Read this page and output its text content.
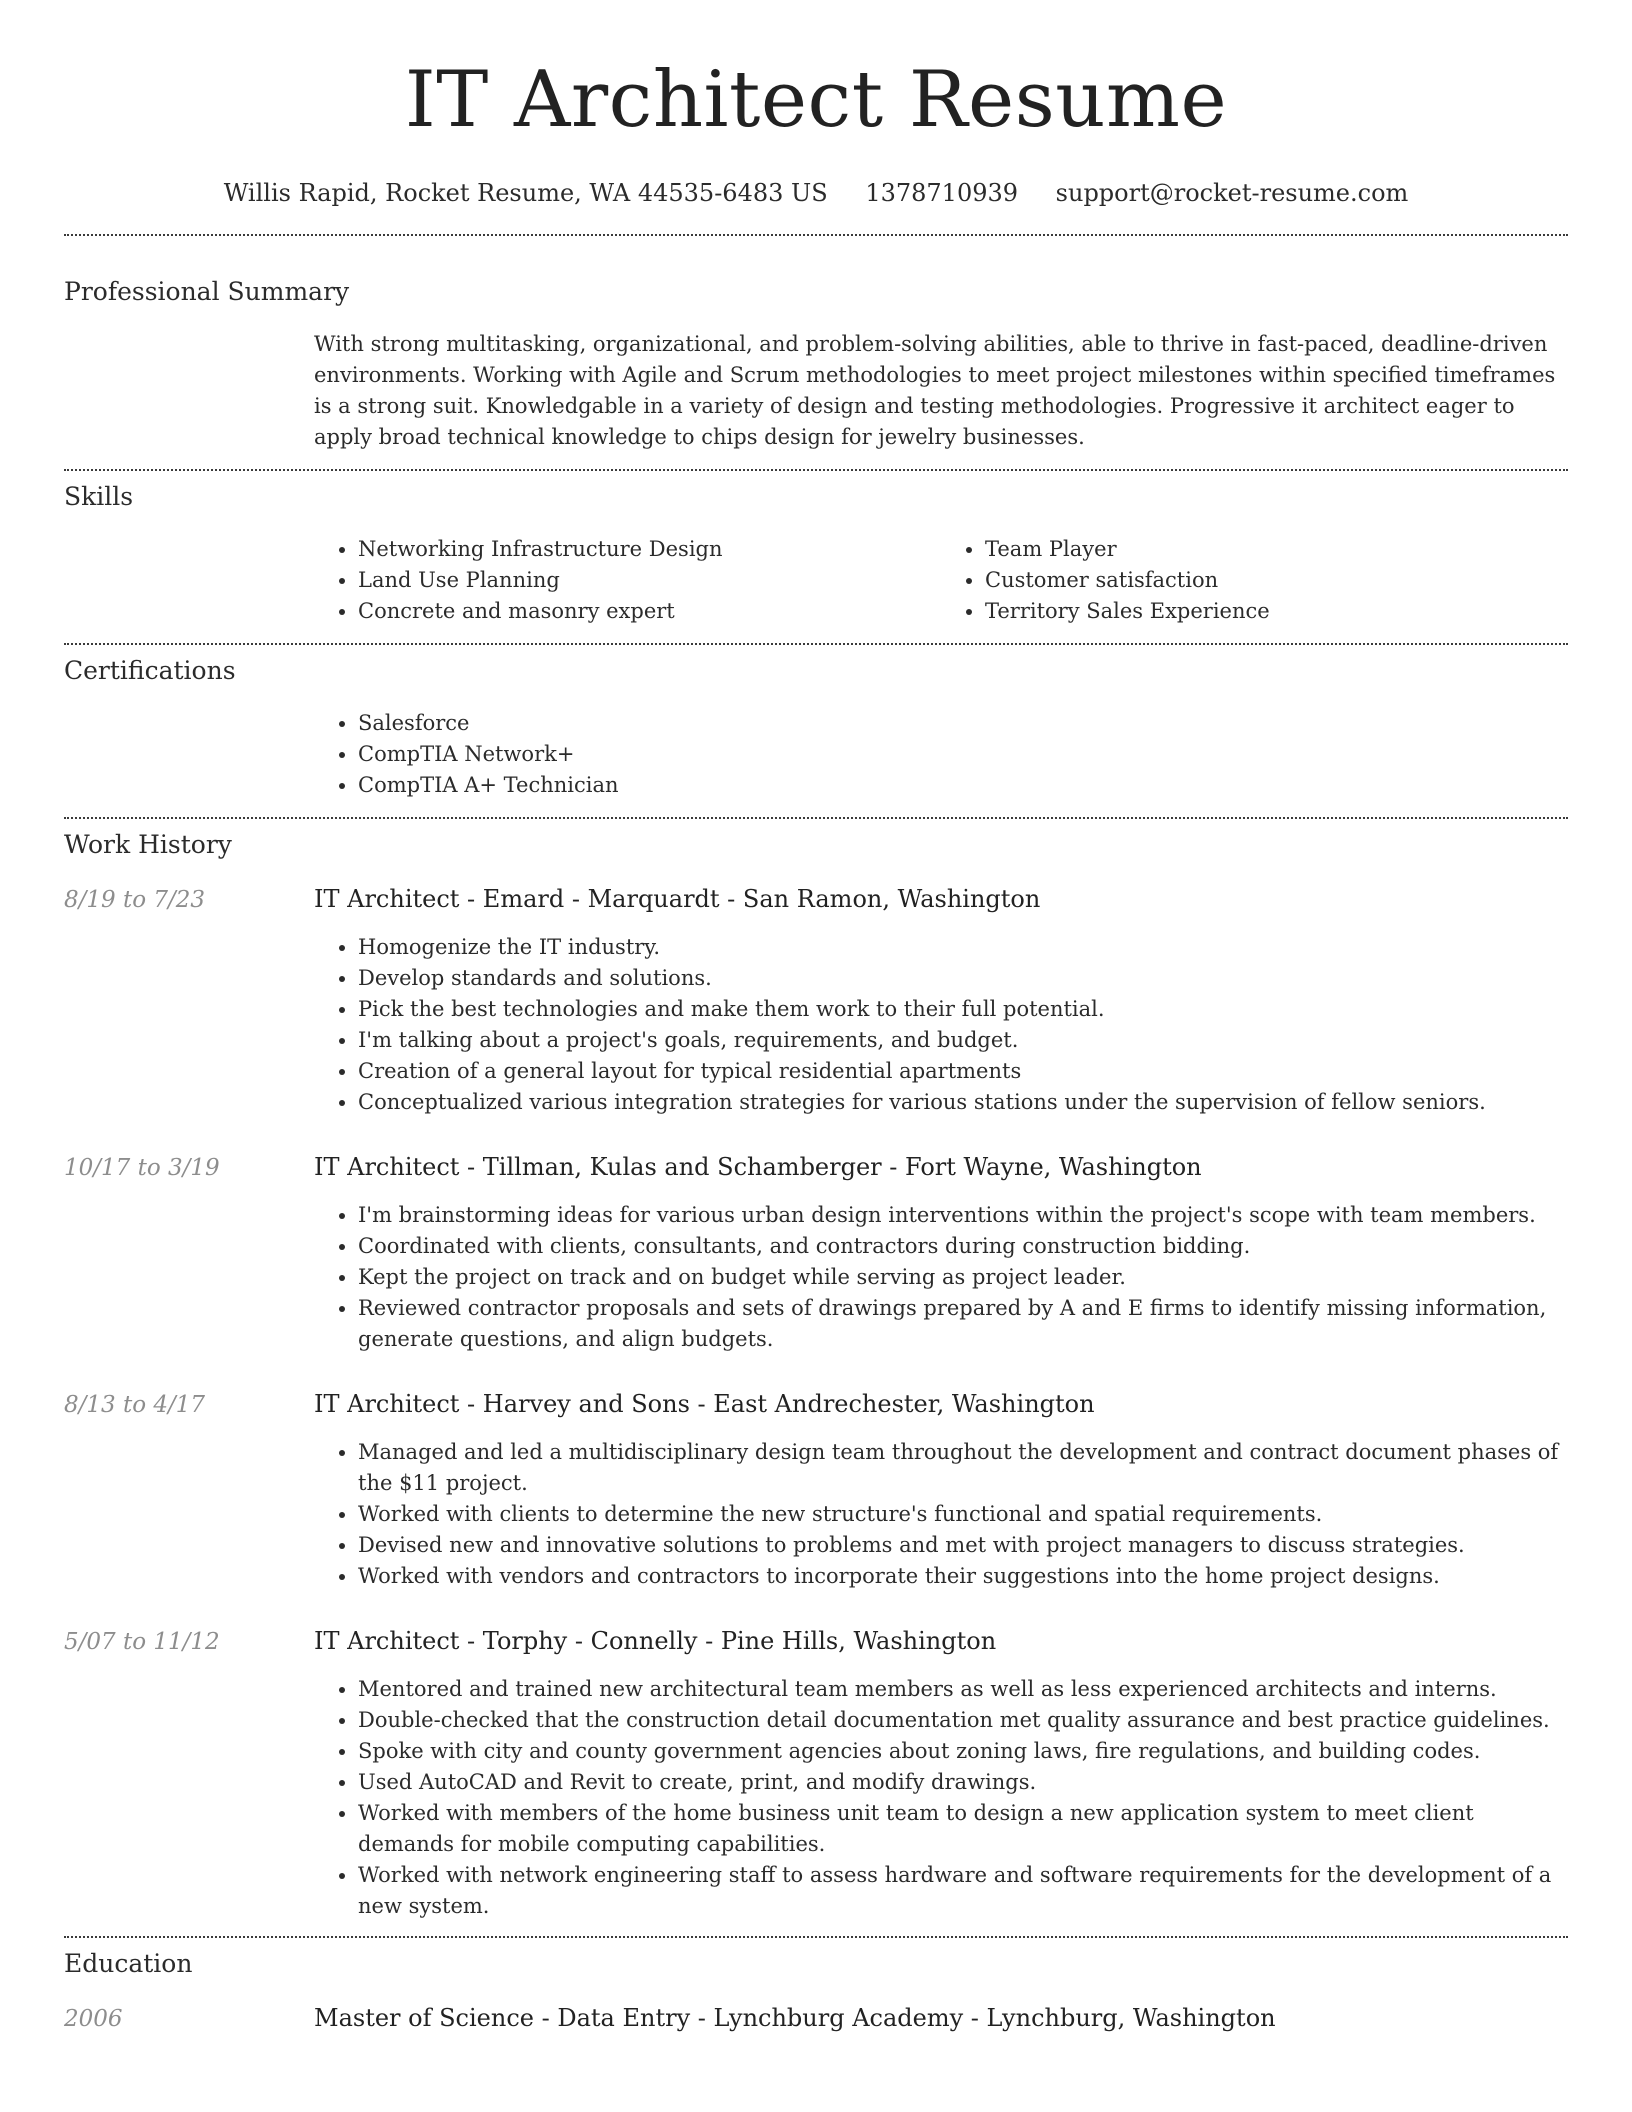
IT Architect Resume
Willis Rapid, Rocket Resume, WA 44535-6483 US 1378710939 support@rocket-resume.com
Professional Summary

With strong multitasking, organizational, and problem-solving abilities, able to thrive in fast-paced, deadline-driven environments. Working with Agile and Scrum methodologies to meet project milestones within specified timeframes is a strong suit. Knowledgable in a variety of design and testing methodologies. Progressive it architect eager to apply broad technical knowledge to chips design for jewelry businesses.

Skills
• Networking Infrastructure Design
• Land Use Planning
• Concrete and masonry expert
• Team Player
• Customer satisfaction
• Territory Sales Experience
Certifications
• Salesforce
• CompTIA Network+
• CompTIA A+ Technician
Work History
8/19 to 7/23	IT Architect - Emard - Marquardt - San Ramon, Washington
• Homogenize the IT industry.
• Develop standards and solutions.
• Pick the best technologies and make them work to their full potential.
• I'm talking about a project's goals, requirements, and budget.
• Creation of a general layout for typical residential apartments
• Conceptualized various integration strategies for various stations under the supervision of fellow seniors.
10/17 to 3/19	IT Architect - Tillman, Kulas and Schamberger - Fort Wayne, Washington
• I'm brainstorming ideas for various urban design interventions within the project's scope with team members.
• Coordinated with clients, consultants, and contractors during construction bidding.
• Kept the project on track and on budget while serving as project leader.
• Reviewed contractor proposals and sets of drawings prepared by A and E firms to identify missing information, generate questions, and align budgets.
8/13 to 4/17	IT Architect - Harvey and Sons - East Andrechester, Washington
• Managed and led a multidisciplinary design team throughout the development and contract document phases of the $11 project.
• Worked with clients to determine the new structure's functional and spatial requirements.
• Devised new and innovative solutions to problems and met with project managers to discuss strategies.
• Worked with vendors and contractors to incorporate their suggestions into the home project designs.
5/07 to 11/12	IT Architect - Torphy - Connelly - Pine Hills, Washington
• Mentored and trained new architectural team members as well as less experienced architects and interns.
• Double-checked that the construction detail documentation met quality assurance and best practice guidelines.
• Spoke with city and county government agencies about zoning laws, fire regulations, and building codes.
• Used AutoCAD and Revit to create, print, and modify drawings.
• Worked with members of the home business unit team to design a new application system to meet client demands for mobile computing capabilities.
• Worked with network engineering staff to assess hardware and software requirements for the development of a new system.
Education
2006	Master of Science - Data Entry - Lynchburg Academy - Lynchburg, Washington
